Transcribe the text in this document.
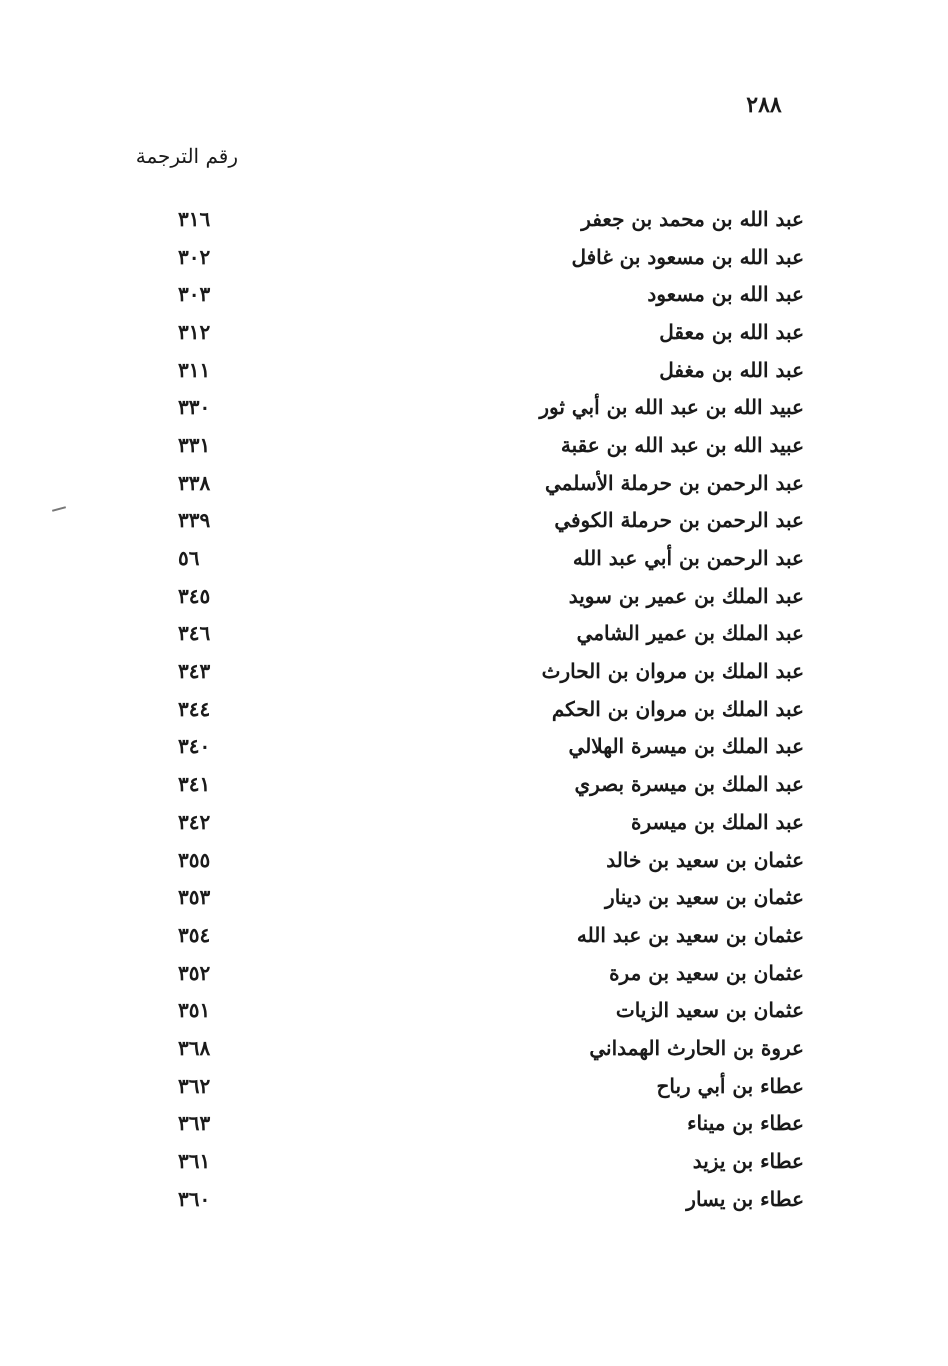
٢٨٨
رقم الترجمة
عبد الله بن محمد بن جعفر
٣١٦
عبد الله بن مسعود بن غافل
٣٠٢
عبد الله بن مسعود
٣٠٣
عبد الله بن معقل
٣١٢
عبد الله بن مغفل
٣١١
عبيد الله بن عبد الله بن أبي ثور
٣٣٠
عبيد الله بن عبد الله بن عقبة
٣٣١
عبد الرحمن بن حرملة الأسلمي
٣٣٨
عبد الرحمن بن حرملة الكوفي
٣٣٩
عبد الرحمن بن أبي عبد الله
٥٦
عبد الملك بن عمير بن سويد
٣٤٥
عبد الملك بن عمير الشامي
٣٤٦
عبد الملك بن مروان بن الحارث
٣٤٣
عبد الملك بن مروان بن الحكم
٣٤٤
عبد الملك بن ميسرة الهلالي
٣٤٠
عبد الملك بن ميسرة بصري
٣٤١
عبد الملك بن ميسرة
٣٤٢
عثمان بن سعيد بن خالد
٣٥٥
عثمان بن سعيد بن دينار
٣٥٣
عثمان بن سعيد بن عبد الله
٣٥٤
عثمان بن سعيد بن مرة
٣٥٢
عثمان بن سعيد الزيات
٣٥١
عروة بن الحارث الهمداني
٣٦٨
عطاء بن أبي رباح
٣٦٢
عطاء بن ميناء
٣٦٣
عطاء بن يزيد
٣٦١
عطاء بن يسار
٣٦٠
